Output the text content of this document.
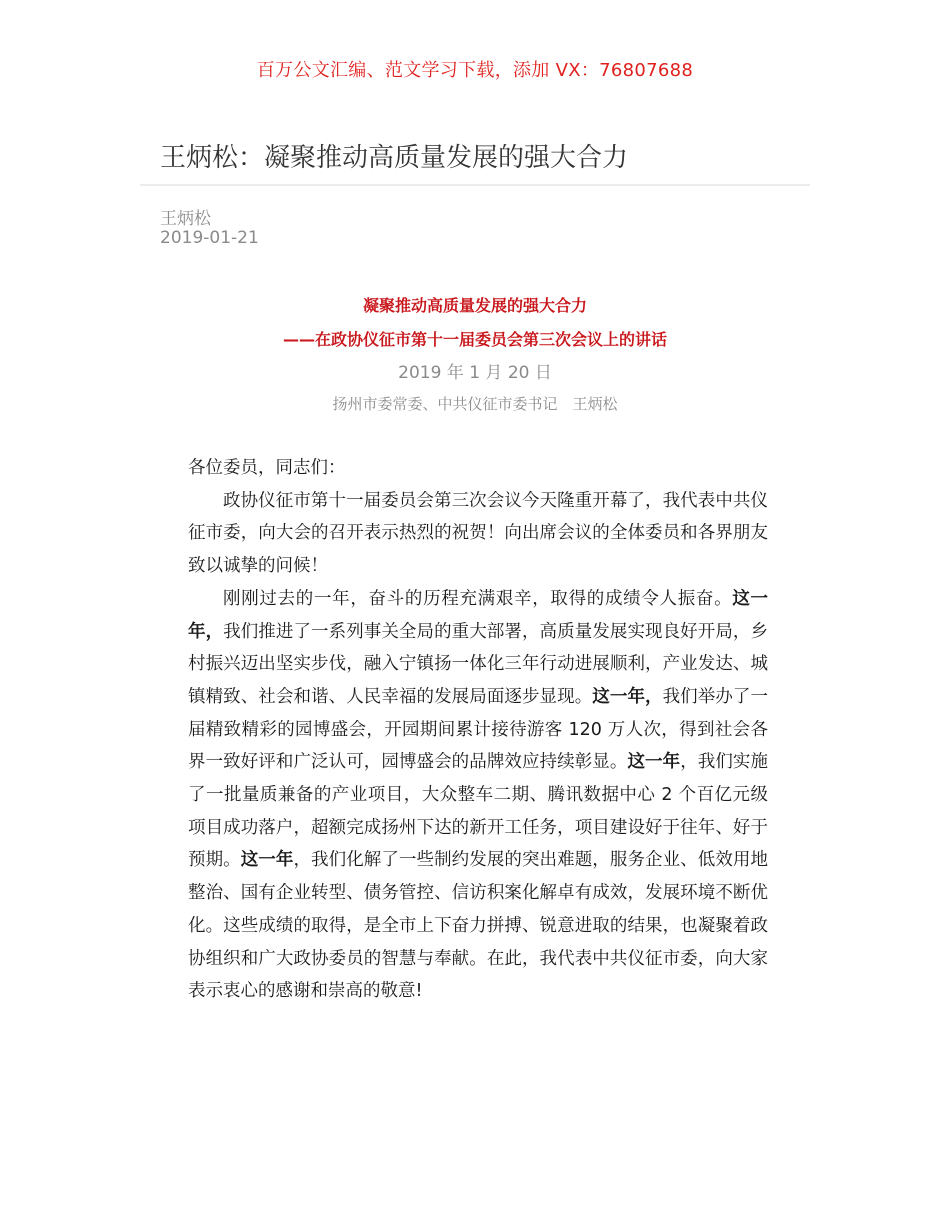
百万公文汇编、范文学习下载，添加 VX：76807688
王炳松：凝聚推动高质量发展的强大合力
王炳松
2019-01-21
凝聚推动高质量发展的强大合力
——在政协仪征市第十一届委员会第三次会议上的讲话
2019 年 1 月 20 日
扬州市委常委、中共仪征市委书记　王炳松

各位委员，同志们：

政协仪征市第十一届委员会第三次会议今天隆重开幕了，我代表中共仪征市委，向大会的召开表示热烈的祝贺！向出席会议的全体委员和各界朋友致以诚挚的问候！

刚刚过去的一年，奋斗的历程充满艰辛，取得的成绩令人振奋。这一年，我们推进了一系列事关全局的重大部署，高质量发展实现良好开局，乡村振兴迈出坚实步伐，融入宁镇扬一体化三年行动进展顺利，产业发达、城镇精致、社会和谐、人民幸福的发展局面逐步显现。这一年，我们举办了一届精致精彩的园博盛会，开园期间累计接待游客 120 万人次，得到社会各界一致好评和广泛认可，园博盛会的品牌效应持续彰显。这一年，我们实施了一批量质兼备的产业项目，大众整车二期、腾讯数据中心 2 个百亿元级项目成功落户，超额完成扬州下达的新开工任务，项目建设好于往年、好于预期。这一年，我们化解了一些制约发展的突出难题，服务企业、低效用地整治、国有企业转型、债务管控、信访积案化解卓有成效，发展环境不断优化。这些成绩的取得，是全市上下奋力拼搏、锐意进取的结果，也凝聚着政协组织和广大政协委员的智慧与奉献。在此，我代表中共仪征市委，向大家表示衷心的感谢和崇高的敬意!
